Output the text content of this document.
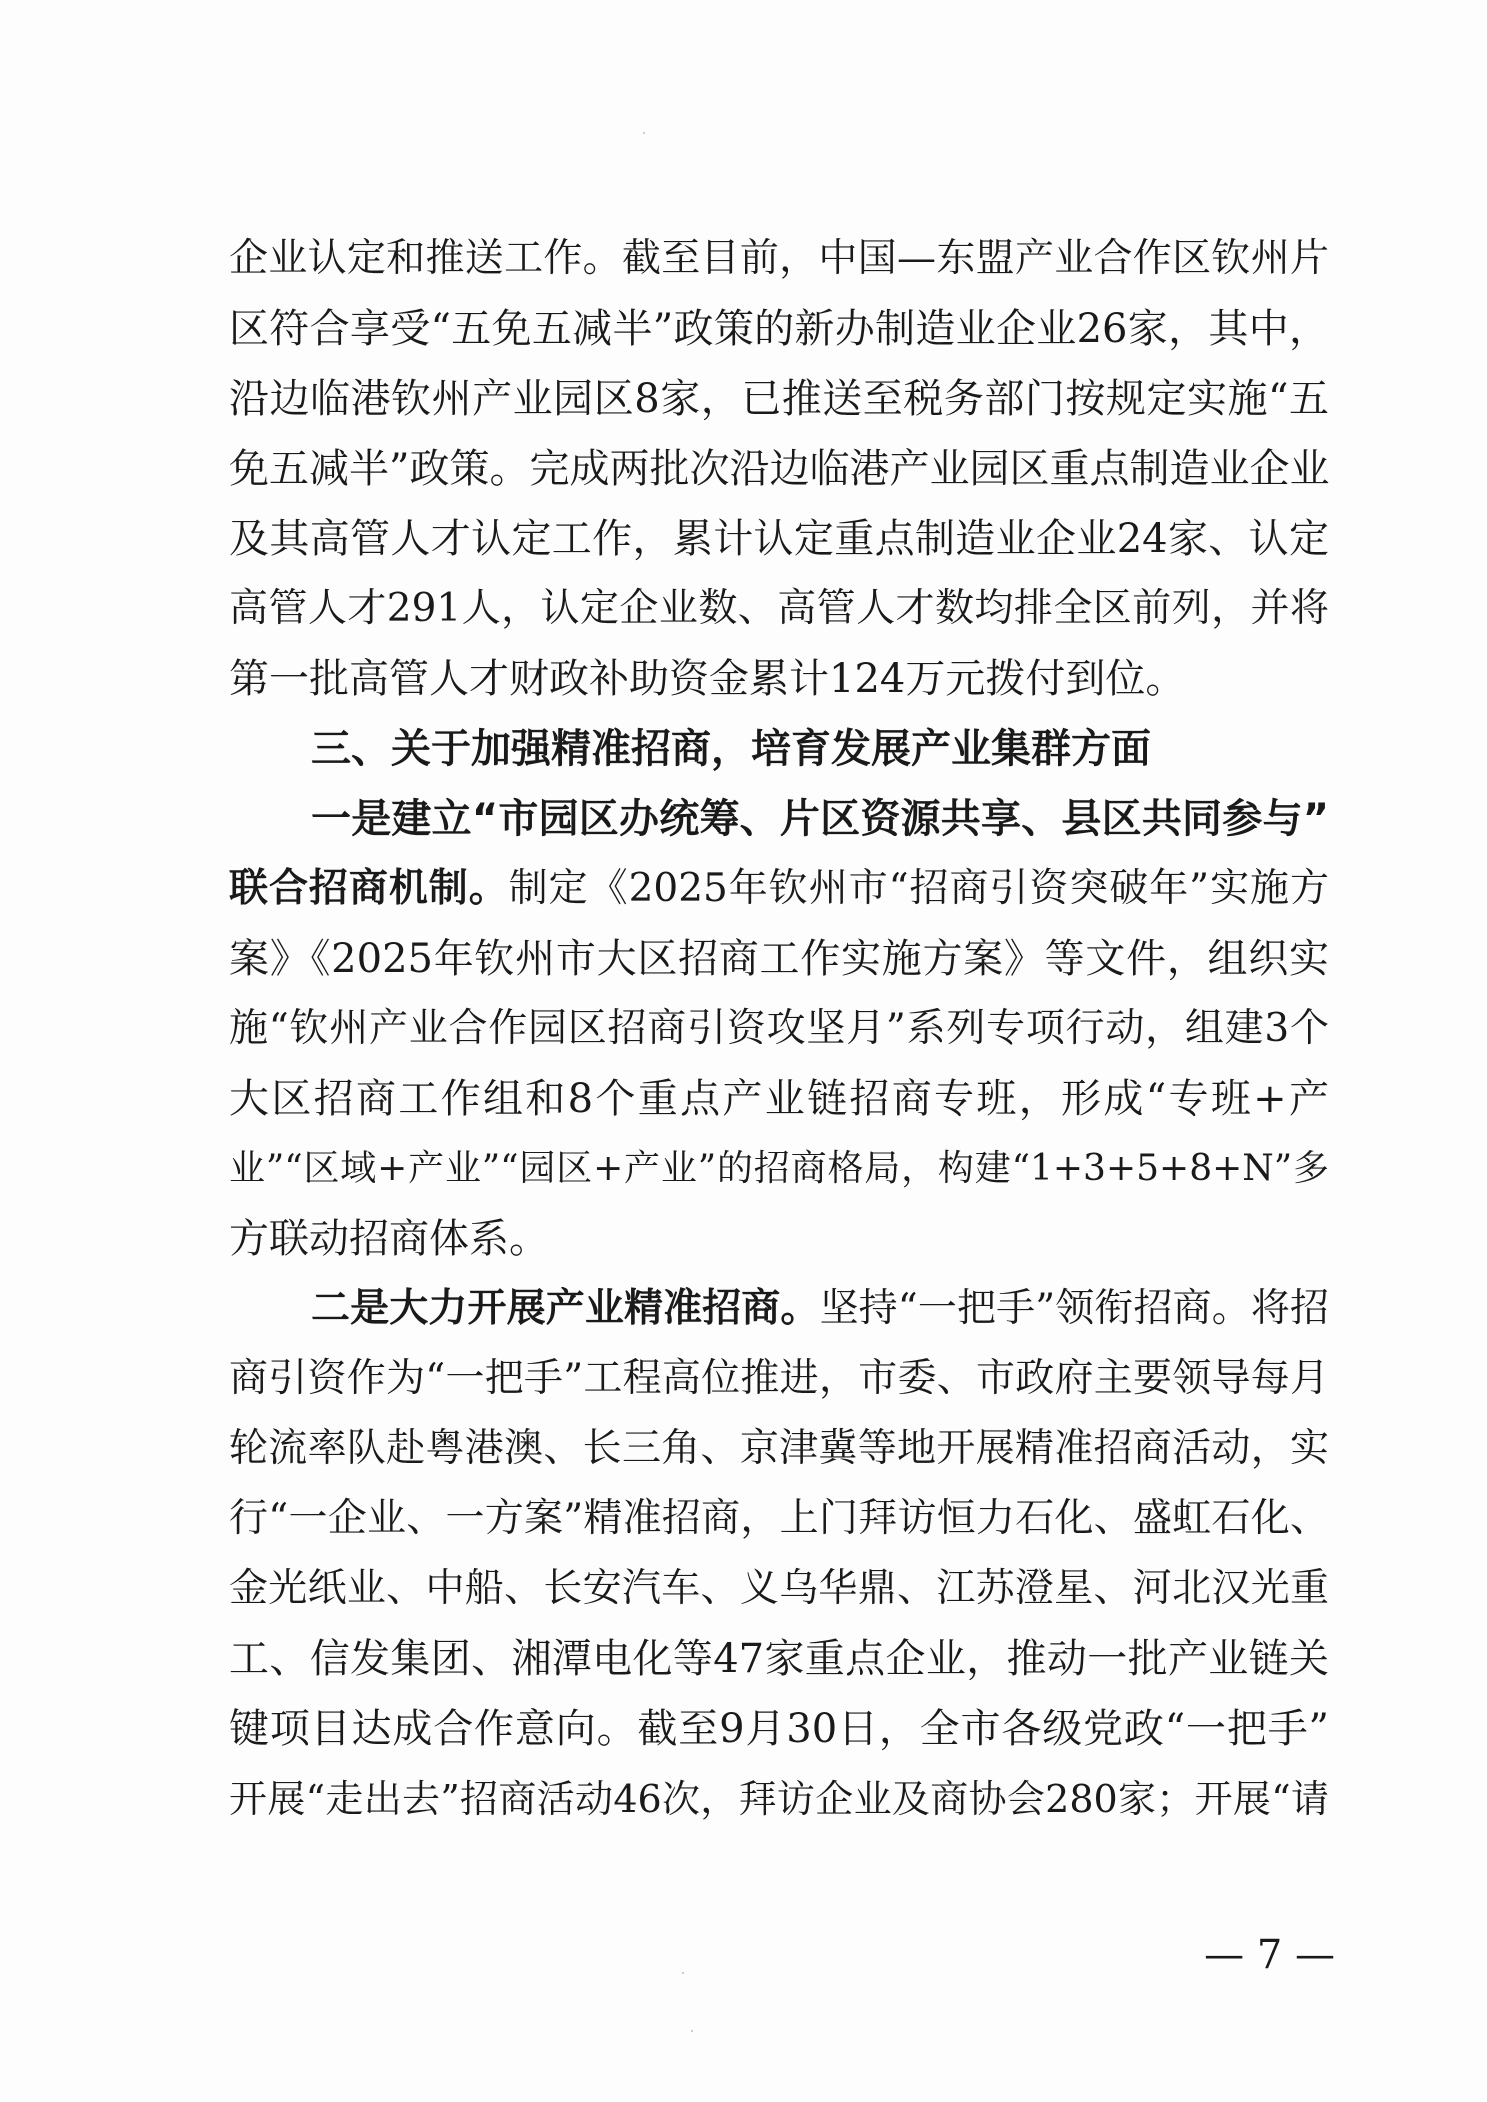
企业认定和推送工作。截至目前，中国—东盟产业合作区钦州片
区符合享受“五免五减半”政策的新办制造业企业26家，其中，
沿边临港钦州产业园区8家，已推送至税务部门按规定实施“五
免五减半”政策。完成两批次沿边临港产业园区重点制造业企业
及其高管人才认定工作，累计认定重点制造业企业24家、认定
高管人才291人，认定企业数、高管人才数均排全区前列，并将
第一批高管人才财政补助资金累计124万元拨付到位。
三、关于加强精准招商，培育发展产业集群方面
一是建立“市园区办统筹、片区资源共享、县区共同参与”
联合招商机制。制定《2025年钦州市“招商引资突破年”实施方
案》《2025年钦州市大区招商工作实施方案》等文件，组织实
施“钦州产业合作园区招商引资攻坚月”系列专项行动，组建3个
大区招商工作组和8个重点产业链招商专班，形成“专班+产
业”“区域+产业”“园区+产业”的招商格局，构建“1+3+5+8+N”多
方联动招商体系。
二是大力开展产业精准招商。坚持“一把手”领衔招商。将招
商引资作为“一把手”工程高位推进，市委、市政府主要领导每月
轮流率队赴粤港澳、长三角、京津冀等地开展精准招商活动，实
行“一企业、一方案”精准招商，上门拜访恒力石化、盛虹石化、
金光纸业、中船、长安汽车、义乌华鼎、江苏澄星、河北汉光重
工、信发集团、湘潭电化等47家重点企业，推动一批产业链关
键项目达成合作意向。截至9月30日，全市各级党政“一把手”
开展“走出去”招商活动46次，拜访企业及商协会280家；开展“请
— 7 —
